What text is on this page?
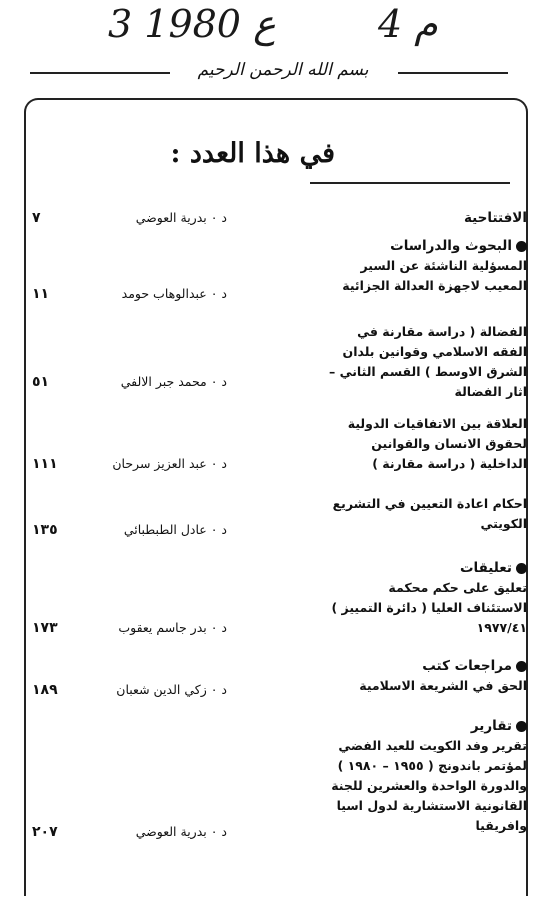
3 ع 1980	4 م
بسم الله الرحمن الرحيم
في هذا العدد :
الافتتاحية
د ٠ بدرية العوضي
٧
البحوث والدراسات
المسؤلية الناشئة عن السير المعيب لاجهزة العدالة الجزائية
د ٠ عبدالوهاب حومد
١١
الفضالة ( دراسة مقارنة في الفقه الاسلامي وقوانين بلدان الشرق الاوسط ) القسم الثاني – اثار الفضالة
د ٠ محمد جبر الالفي
٥١
العلاقة بين الاتفاقيات الدولية لحقوق الانسان والقوانين الداخلية ( دراسة مقارنة )
د ٠ عبد العزيز سرحان
١١١
احكام اعادة التعيين في التشريع الكويتي
د ٠ عادل الطبطبائي
١٣٥
تعليقات
تعليق على حكم محكمة الاستئناف العليا ( دائرة التمييز ) ١٩٧٧/٤١
د ٠ بدر جاسم يعقوب
١٧٣
مراجعات كتب
الحق في الشريعة الاسلامية
د ٠ زكي الدين شعبان
١٨٩
تقارير
تقرير وفد الكويت للعيد الفضي لمؤتمر باندونج ( ١٩٥٥ – ١٩٨٠ ) والدورة الواحدة والعشرين للجنة القانونية الاستشارية لدول اسيا وافريقيا
د ٠ بدرية العوضي
٢٠٧
